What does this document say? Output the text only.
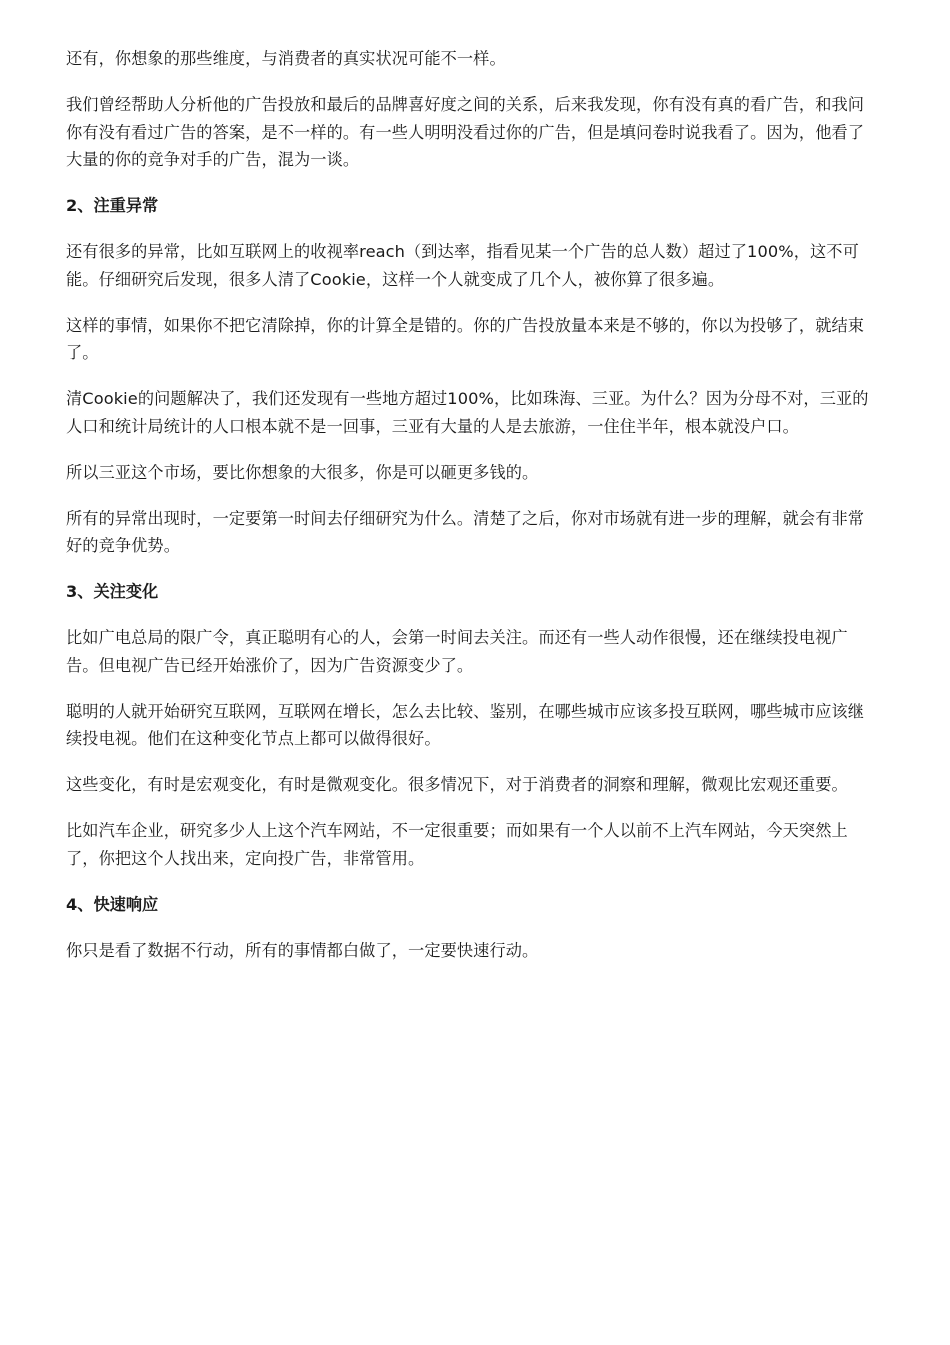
还有，你想象的那些维度，与消费者的真实状况可能不一样。

我们曾经帮助人分析他的广告投放和最后的品牌喜好度之间的关系，后来我发现，你有没有真的看广告，和我问你有没有看过广告的答案，是不一样的。有一些人明明没看过你的广告，但是填问卷时说我看了。因为，他看了大量的你的竞争对手的广告，混为一谈。

2、注重异常

还有很多的异常，比如互联网上的收视率reach（到达率，指看见某一个广告的总人数）超过了100%，这不可能。仔细研究后发现，很多人清了Cookie，这样一个人就变成了几个人，被你算了很多遍。

这样的事情，如果你不把它清除掉，你的计算全是错的。你的广告投放量本来是不够的，你以为投够了，就结束了。

清Cookie的问题解决了，我们还发现有一些地方超过100%，比如珠海、三亚。为什么？因为分母不对，三亚的人口和统计局统计的人口根本就不是一回事，三亚有大量的人是去旅游，一住住半年，根本就没户口。

所以三亚这个市场，要比你想象的大很多，你是可以砸更多钱的。

所有的异常出现时，一定要第一时间去仔细研究为什么。清楚了之后，你对市场就有进一步的理解，就会有非常好的竞争优势。

3、关注变化

比如广电总局的限广令，真正聪明有心的人，会第一时间去关注。而还有一些人动作很慢，还在继续投电视广告。但电视广告已经开始涨价了，因为广告资源变少了。

聪明的人就开始研究互联网，互联网在增长，怎么去比较、鉴别，在哪些城市应该多投互联网，哪些城市应该继续投电视。他们在这种变化节点上都可以做得很好。

这些变化，有时是宏观变化，有时是微观变化。很多情况下，对于消费者的洞察和理解，微观比宏观还重要。

比如汽车企业，研究多少人上这个汽车网站，不一定很重要；而如果有一个人以前不上汽车网站，今天突然上了，你把这个人找出来，定向投广告，非常管用。

4、快速响应

你只是看了数据不行动，所有的事情都白做了，一定要快速行动。
